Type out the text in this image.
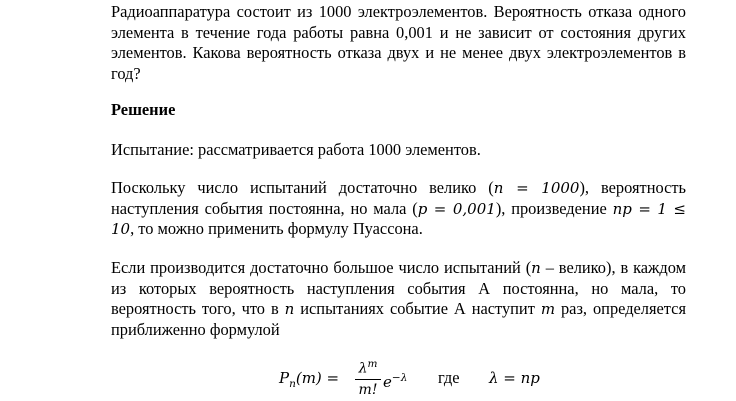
Радиоаппаратура состоит из 1000 электроэлементов. Вероятность отказа одного элемента в течение года работы равна 0,001 и не зависит от состояния других элементов. Какова вероятность отказа двух и не менее двух электроэлементов в год?

Решение

Испытание: рассматривается работа 1000 элементов.

Поскольку число испытаний достаточно велико (n = 1000), вероятность наступления события постоянна, но мала (p = 0,001), произведение np = 1 ≤ 10, то можно применить формулу Пуассона.

Если производится достаточно большое число испытаний (n – велико), в каждом из которых вероятность наступления события А постоянна, но мала, то вероятность того, что в n испытаниях событие А наступит m раз, определяется приближенно формулой

$P_n(m)$ =
$\lambda^m$
m! $e^{-\lambda}$ где λ = np
